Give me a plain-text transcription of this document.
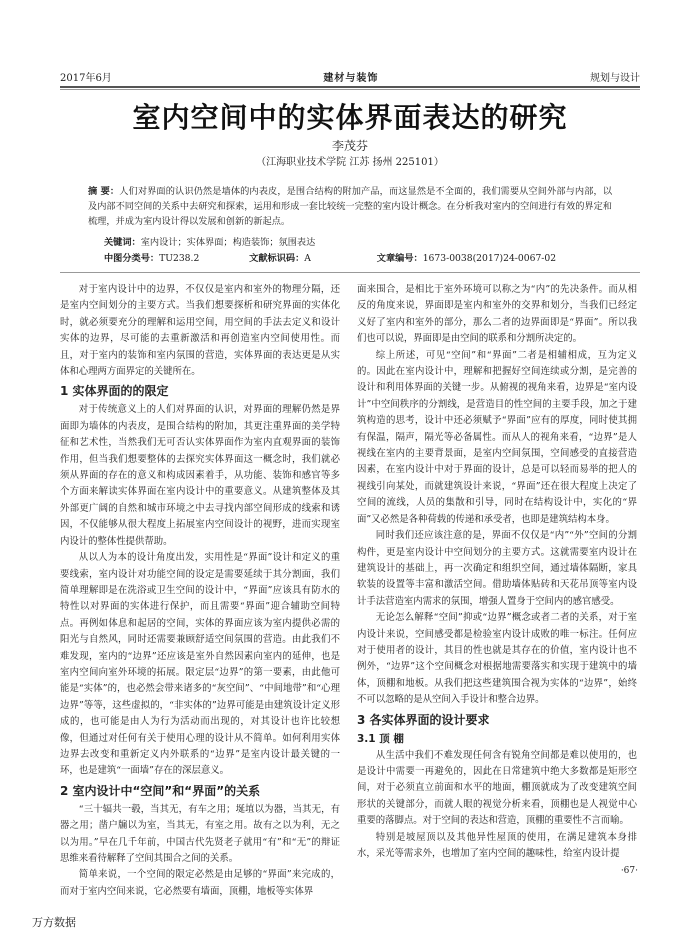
2017年6月	建材与装饰	规划与设计
室内空间中的实体界面表达的研究
李茂芬
（江海职业技术学院 江苏 扬州 225101）
摘 要：人们对界面的认识仍然是墙体的内表皮，是围合结构的附加产品，而这显然是不全面的，我们需要从空间外部与内部，以及内部不同空间的关系中去研究和探索，运用和形成一套比较统一完整的室内设计概念。在分析我对室内的空间进行有效的界定和梳理，并成为室内设计得以发展和创新的新起点。
关键词：室内设计；实体界面；构造装饰；氛围表达
中图分类号：TU238.2	文献标识码：A	文章编号：1673-0038(2017)24-0067-02

对于室内设计中的边界，不仅仅是室内和室外的物理分隔，还是室内空间划分的主要方式。当我们想要探析和研究界面的实体化时，就必须要充分的理解和运用空间，用空间的手法去定义和设计实体的边界，尽可能的去重新激活和再创造室内空间使用性。而且，对于室内的装饰和室内氛围的营造，实体界面的表达更是从实体和心理两方面界定的关键所在。

1 实体界面的的限定

对于传统意义上的人们对界面的认识，对界面的理解仍然是界面即为墙体的内表皮，是围合结构的附加，其更注重界面的美学特征和艺术性，当然我们无可否认实体界面作为室内直观界面的装饰作用，但当我们想要整体的去探究实体界面这一概念时，我们就必须从界面的存在的意义和构成因素着手，从功能、装饰和感官等多个方面来解读实体界面在室内设计中的重要意义。从建筑整体及其外部更广阔的自然和城市环境之中去寻找内部空间形成的线索和诱因，不仅能够从很大程度上拓展室内空间设计的视野，进而实现室内设计的整体性提供帮助。

从以人为本的设计角度出发，实用性是“界面”设计和定义的重要线索，室内设计对功能空间的设定是需要延续于其分割面，我们简单理解即是在洗浴或卫生空间的设计中，“界面”应该具有防水的特性以对界面的实体进行保护，而且需要“界面”迎合辅助空间特点。再例如体息和起居的空间，实体的界面应该为室内提供必需的阳光与自然风，同时还需要兼顾舒适空间氛围的营造。由此我们不难发现，室内的“边界”还应该是室外自然因素向室内的延伸，也是室内空间向室外环境的拓展。限定层“边界”的第一要素，由此他可能是“实体”的，也必然会带来诸多的“灰空间”、“中间地带”和“心理边界”等等，这些虚拟的，“非实体的”边界可能是由建筑设计定义形成的，也可能是由人为行为活动而出现的，对其设计也许比较想像，但通过对任何有关于使用心理的设计从不简单。如何利用实体边界去改变和重新定义内外联系的“边界”是室内设计最关键的一环，也是建筑“一面墙”存在的深层意义。

2 室内设计中“空间”和“界面”的关系

“三十辐共一毂，当其无，有车之用；埏埴以为器，当其无，有器之用；凿户牖以为室，当其无，有室之用。故有之以为利，无之以为用。”早在几千年前，中国古代先贤老子就用“有”和“无”的辩证思维来看待解释了空间其围合之间的关系。

简单来说，一个空间的限定必然是由足够的“界面”来完成的，而对于室内空间来说，它必然要有墙面，顶棚，地板等实体界

面来围合，是相比于室外环境可以称之为“内”的先决条件。而从相反的角度来说，界面即是室内和室外的交界和划分，当我们已经定义好了室内和室外的部分，那么二者的边界面即是“界面”。所以我们也可以说，界面即是由空间的联系和分割所决定的。

综上所述，可见“空间”和“界面”二者是相辅相成，互为定义的。因此在室内设计中，理解和把握好空间连续或分割，是完善的设计和利用体界面的关键一步。从俯视的视角来看，边界是“室内设计”中空间秩序的分割线，是营造目的性空间的主要手段，加之于建筑构造的思考，设计中还必须赋予“界面”应有的厚度，同时使其拥有保温，隔声，隔光等必备属性。而从人的视角来看，“边界”是人视线在室内的主要背景面，是室内空间氛围，空间感受的直接营造因素，在室内设计中对于界面的设计，总是可以轻而易举的把人的视线引向某处，而就建筑设计来说，“界面”还在很大程度上决定了空间的流线，人员的集散和引导，同时在结构设计中，实化的“界面”又必然是各种荷载的传递和承受者，也即是建筑结构本身。

同时我们还应该注意的是，界面不仅仅是“内”“外”空间的分割构件，更是室内设计中空间划分的主要方式。这就需要室内设计在建筑设计的基础上，再一次确定和组织空间，通过墙体隔断，家具软装的设置等丰富和激活空间。借助墙体贴砖和天花吊顶等室内设计手法营造室内需求的氛围，增强人置身于空间内的感官感受。

无论怎么解释“空间”抑或“边界”概念或者二者的关系，对于室内设计来说，空间感受都是检验室内设计成败的唯一标注。任何应对于使用者的设计，其目的性也就是其存在的价值，室内设计也不例外，“边界”这个空间概念对根据地需要落实和实现于建筑中的墙体，顶棚和地板。从我们把这些建筑围合视为实体的“边界”，始终不可以忽略的是从空间入手设计和整合边界。

3 各实体界面的设计要求
3.1 顶 棚

从生活中我们不难发现任何含有锐角空间都是难以使用的，也是设计中需要一再避免的，因此在日常建筑中绝大多数都是矩形空间，对于必须直立前面和水平的地面，棚顶就成为了改变建筑空间形状的关键部分，而就人眼的视觉分析来看，顶棚也是人视觉中心重要的落脚点。对于空间的表达和营造，顶棚的重要性不言而喻。

特别是坡屋顶以及其他异性屋顶的使用，在满足建筑本身排水，采光等需求外，也增加了室内空间的趣味性，给室内设计提

·67·
万方数据
